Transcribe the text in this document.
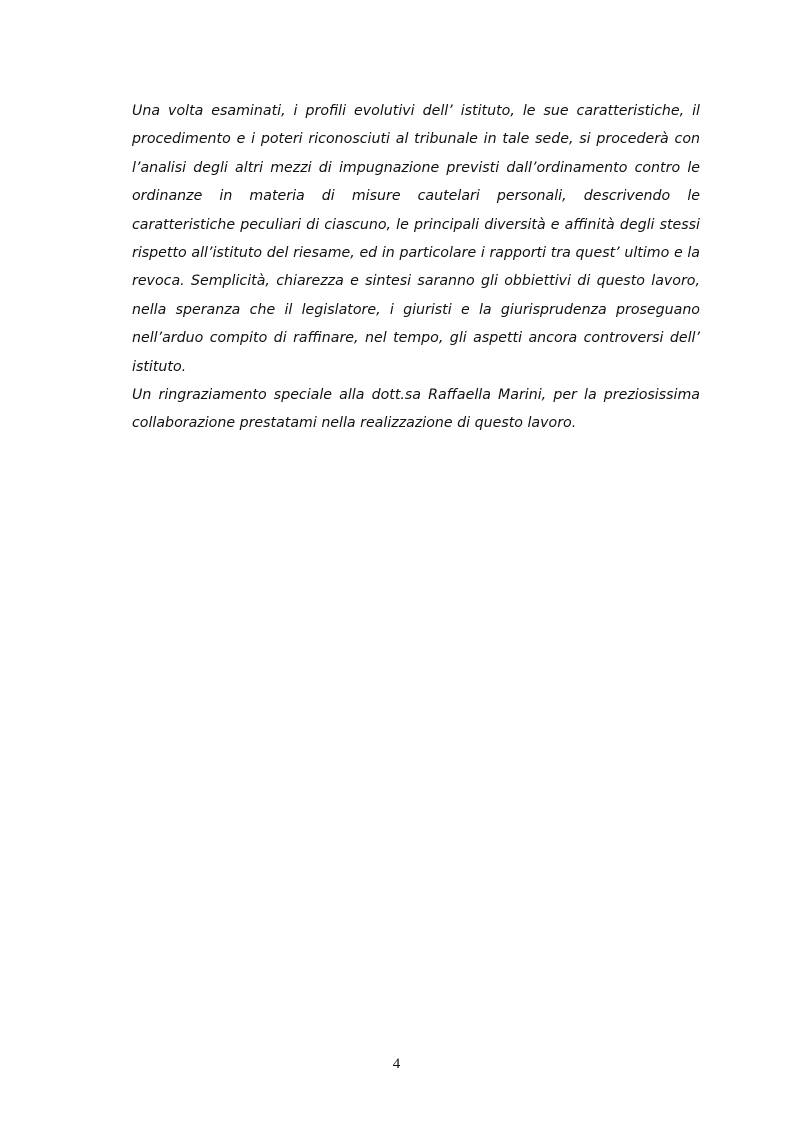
Una volta esaminati, i profili evolutivi dell’ istituto, le sue caratteristiche, il procedimento e i poteri riconosciuti al tribunale in tale sede, si procederà con l’analisi degli altri mezzi di impugnazione previsti dall’ordinamento contro le ordinanze in materia di misure cautelari personali, descrivendo le caratteristiche peculiari di ciascuno, le principali diversità e affinità degli stessi rispetto all’istituto del riesame, ed in particolare i rapporti tra quest’ ultimo e la revoca. Semplicità, chiarezza e sintesi saranno gli obbiettivi di questo lavoro, nella speranza che il legislatore, i giuristi e la giurisprudenza proseguano nell’arduo compito di raffinare, nel tempo, gli aspetti ancora controversi dell’ istituto.

Un ringraziamento speciale alla dott.sa Raffaella Marini, per la preziosissima collaborazione prestatami nella realizzazione di questo lavoro.

4
